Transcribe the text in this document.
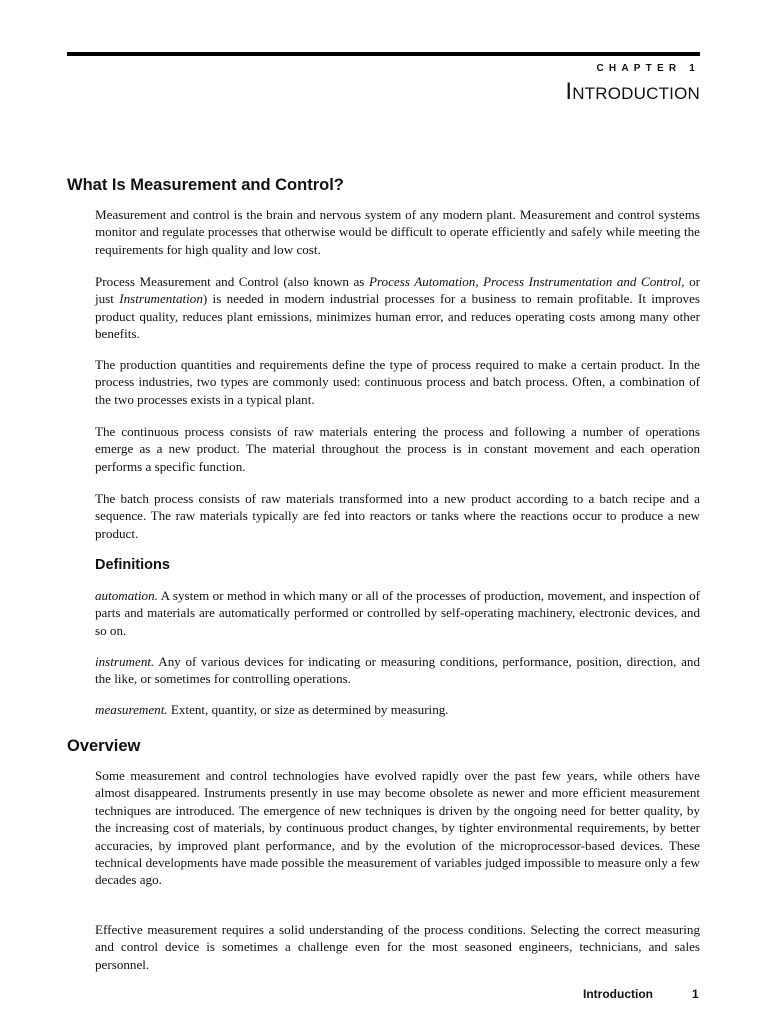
CHAPTER 1
Introduction
What Is Measurement and Control?

Measurement and control is the brain and nervous system of any modern plant. Measurement and control systems monitor and regulate processes that otherwise would be difficult to operate efficiently and safely while meeting the requirements for high quality and low cost.

Process Measurement and Control (also known as Process Automation, Process Instrumentation and Control, or just Instrumentation) is needed in modern industrial processes for a business to remain profitable. It improves product quality, reduces plant emissions, minimizes human error, and reduces operating costs among many other benefits.

The production quantities and requirements define the type of process required to make a certain product. In the process industries, two types are commonly used: continuous process and batch process. Often, a combination of the two processes exists in a typical plant.

The continuous process consists of raw materials entering the process and following a number of operations emerge as a new product. The material throughout the process is in constant movement and each operation performs a specific function.

The batch process consists of raw materials transformed into a new product according to a batch recipe and a sequence. The raw materials typically are fed into reactors or tanks where the reactions occur to produce a new product.

Definitions

automation. A system or method in which many or all of the processes of production, movement, and inspection of parts and materials are automatically performed or controlled by self-operating machinery, electronic devices, and so on.

instrument. Any of various devices for indicating or measuring conditions, performance, position, direction, and the like, or sometimes for controlling operations.

measurement. Extent, quantity, or size as determined by measuring.

Overview

Some measurement and control technologies have evolved rapidly over the past few years, while others have almost disappeared. Instruments presently in use may become obsolete as newer and more efficient measurement techniques are introduced. The emergence of new techniques is driven by the ongoing need for better quality, by the increasing cost of materials, by continuous product changes, by tighter environmental requirements, by better accuracies, by improved plant performance, and by the evolution of the microprocessor-based devices. These technical developments have made possible the measurement of variables judged impossible to measure only a few decades ago.

Effective measurement requires a solid understanding of the process conditions. Selecting the correct measuring and control device is sometimes a challenge even for the most seasoned engineers, technicians, and sales personnel.

Introduction	1
